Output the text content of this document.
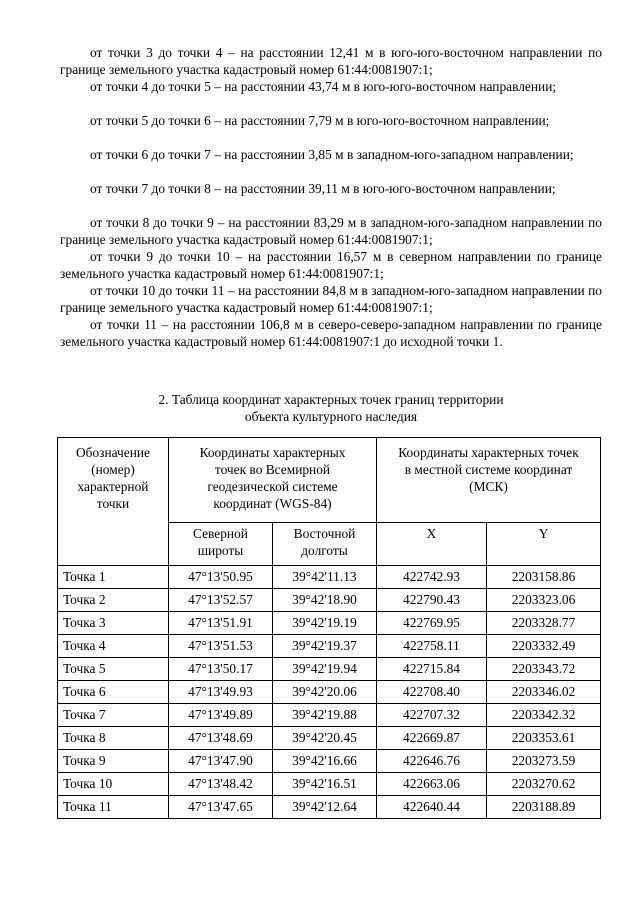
от точки 3 до точки 4 – на расстоянии 12,41 м в юго-юго-восточном направлении по границе земельного участка кадастровый номер 61:44:0081907:1;

от точки 4 до точки 5 – на расстоянии 43,74 м в юго-юго-восточном направлении;

от точки 5 до точки 6 – на расстоянии 7,79 м в юго-юго-восточном направлении;

от точки 6 до точки 7 – на расстоянии 3,85 м в западном-юго-западном направлении;

от точки 7 до точки 8 – на расстоянии 39,11 м в юго-юго-восточном направлении;

от точки 8 до точки 9 – на расстоянии 83,29 м в западном-юго-западном направлении по границе земельного участка кадастровый номер 61:44:0081907:1;

от точки 9 до точки 10 – на расстоянии 16,57 м в северном направлении по границе земельного участка кадастровый номер 61:44:0081907:1;

от точки 10 до точки 11 – на расстоянии 84,8 м в западном-юго-западном направлении по границе земельного участка кадастровый номер 61:44:0081907:1;

от точки 11 – на расстоянии 106,8 м в северо-северо-западном направлении по границе земельного участка кадастровый номер 61:44:0081907:1 до исходной точки 1.

2. Таблица координат характерных точек границ территории
объекта культурного наследия
Обозначение
(номер)
характерной
точки	Координаты характерных
точек во Всемирной
геодезической системе
координат (WGS-84)		Координаты характерных точек
в местной системе координат
(МСК)	

	Северной
широты	Восточной
долготы	X	Y
Точка 1	47°13'50.95	39°42'11.13	422742.93	2203158.86
Точка 2	47°13'52.57	39°42'18.90	422790.43	2203323.06
Точка 3	47°13'51.91	39°42'19.19	422769.95	2203328.77
Точка 4	47°13'51.53	39°42'19.37	422758.11	2203332.49
Точка 5	47°13'50.17	39°42'19.94	422715.84	2203343.72
Точка 6	47°13'49.93	39°42'20.06	422708.40	2203346.02
Точка 7	47°13'49.89	39°42'19.88	422707.32	2203342.32
Точка 8	47°13'48.69	39°42'20.45	422669.87	2203353.61
Точка 9	47°13'47.90	39°42'16.66	422646.76	2203273.59
Точка 10	47°13'48.42	39°42'16.51	422663.06	2203270.62
Точка 11	47°13'47.65	39°42'12.64	422640.44	2203188.89
